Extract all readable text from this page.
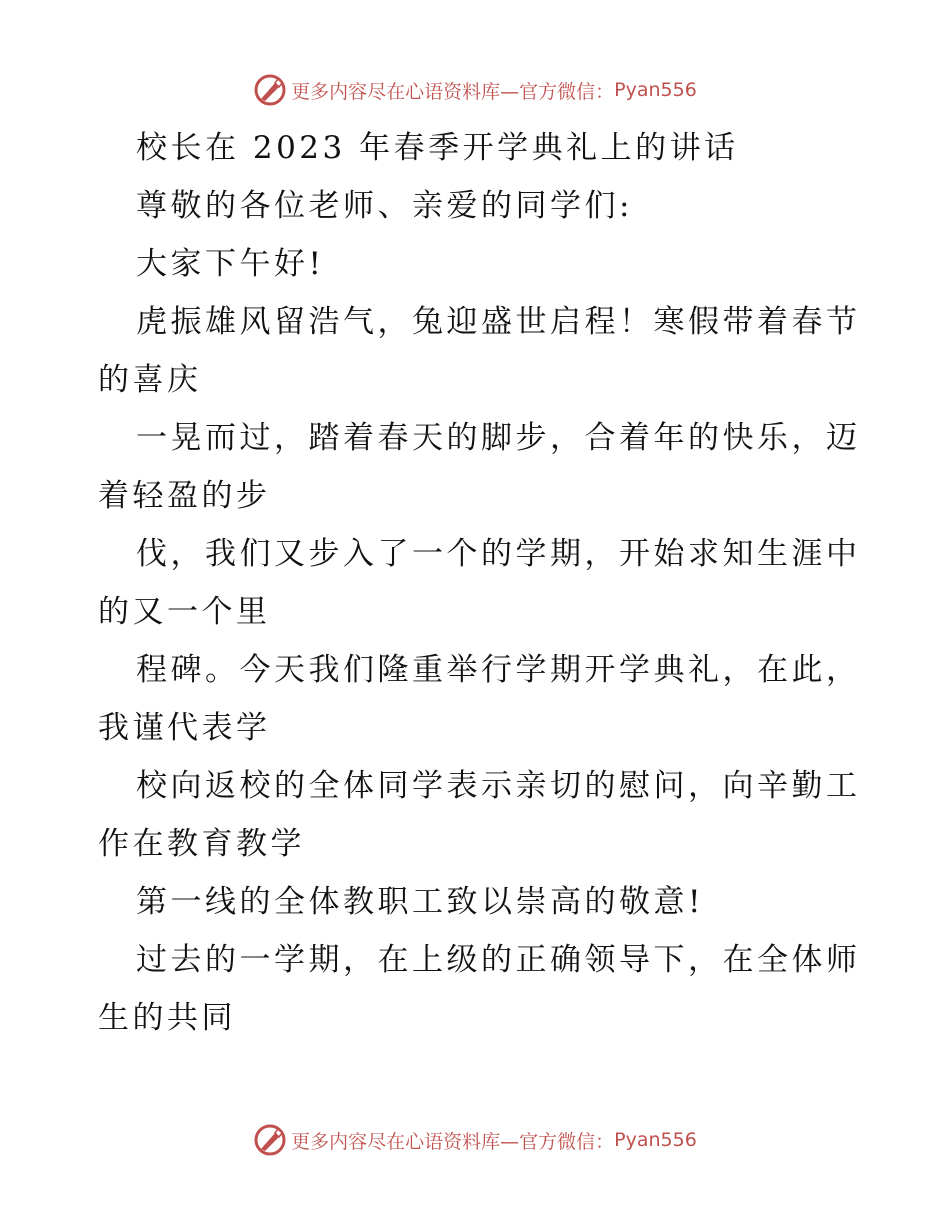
更多内容尽在心语资料库—官方微信： Pyan556
校长在 2023 年春季开学典礼上的讲话
尊敬的各位老师、亲爱的同学们:
大家下午好!
虎振雄风留浩气，兔迎盛世启程！寒假带着春节
的喜庆
一晃而过，踏着春天的脚步，合着年的快乐，迈
着轻盈的步
伐，我们又步入了一个的学期，开始求知生涯中
的又一个里
程碑。今天我们隆重举行学期开学典礼，在此，
我谨代表学
校向返校的全体同学表示亲切的慰问，向辛勤工
作在教育教学
第一线的全体教职工致以崇高的敬意!
过去的一学期，在上级的正确领导下，在全体师
生的共同
更多内容尽在心语资料库—官方微信： Pyan556
